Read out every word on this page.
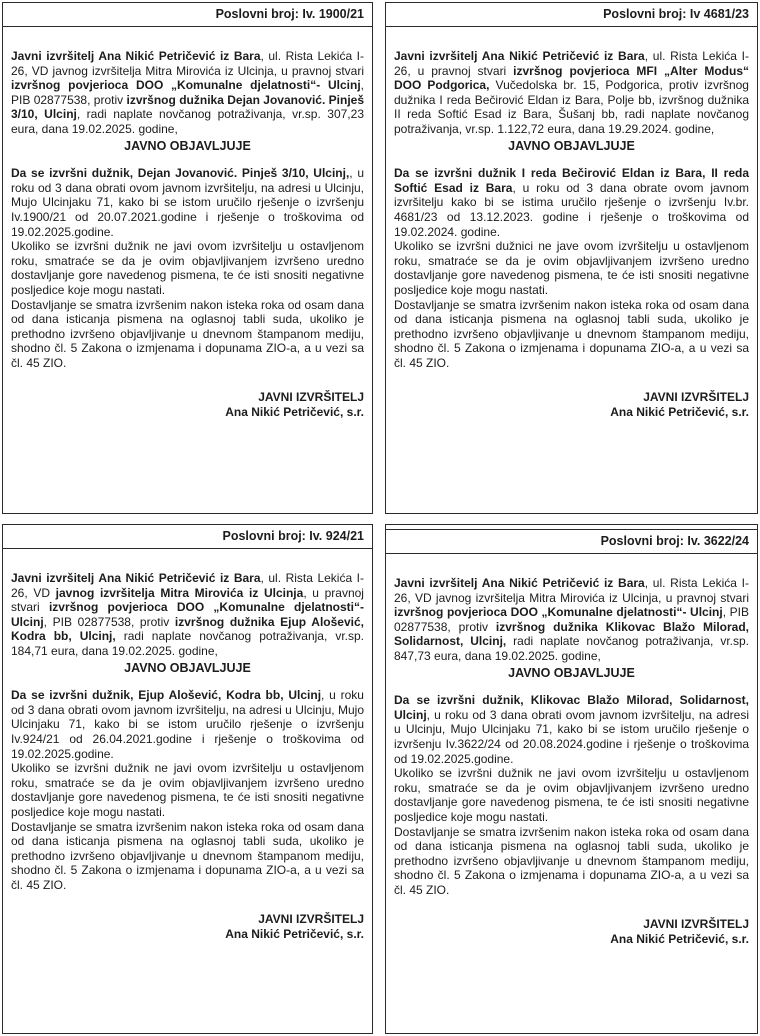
Poslovni broj: Iv. 1900/21

Javni izvršitelj Ana Nikić Petričević iz Bara, ul. Rista Lekića I-26, VD javnog izvršitelja Mitra Mirovića iz Ulcinja, u pravnoj stvari izvršnog povjerioca DOO „Komunalne djelatnosti“- Ulcinj, PIB 02877538, protiv izvršnog dužnika Dejan Jovanović. Pinješ 3/10, Ulcinj, radi naplate novčanog potraživanja, vr.sp. 307,23 eura, dana 19.02.2025. godine,

JAVNO OBJAVLJUJE

Da se izvršni dužnik, Dejan Jovanović. Pinješ 3/10, Ulcinj,, u roku od 3 dana obrati ovom javnom izvršitelju, na adresi u Ulcinju, Mujo Ulcinjaku 71, kako bi se istom uručilo rješenje o izvršenju Iv.1900/21 od 20.07.2021.godine i rješenje o troškovima od 19.02.2025.godine.

Ukoliko se izvršni dužnik ne javi ovom izvršitelju u ostavljenom roku, smatraće se da je ovim objavljivanjem izvršeno uredno dostavljanje gore navedenog pismena, te će isti snositi negativne posljedice koje mogu nastati.

Dostavljanje se smatra izvršenim nakon isteka roka od osam dana od dana isticanja pismena na oglasnoj tabli suda, ukoliko je prethodno izvršeno objavljivanje u dnevnom štampanom mediju, shodno čl. 5 Zakona o izmjenama i dopunama ZIO-a, a u vezi sa čl. 45 ZIO.

JAVNI IZVRŠITELJ
Ana Nikić Petričević, s.r.
Poslovni broj: Iv 4681/23

Javni izvršitelj Ana Nikić Petričević iz Bara, ul. Rista Lekića I-26, u pravnoj stvari izvršnog povjerioca MFI „Alter Modus“ DOO Podgorica, Vučedolska br. 15, Podgorica, protiv izvršnog dužnika I reda Bečirović Eldan iz Bara, Polje bb, izvršnog dužnika II reda Softić Esad iz Bara, Šušanj bb, radi naplate novčanog potraživanja, vr.sp. 1.122,72 eura, dana 19.29.2024. godine,

JAVNO OBJAVLJUJE

Da se izvršni dužnik I reda Bečirović Eldan iz Bara, II reda Softić Esad iz Bara, u roku od 3 dana obrate ovom javnom izvršitelju kako bi se istima uručilo rješenje o izvršenju Iv.br. 4681/23 od 13.12.2023. godine i rješenje o troškovima od 19.02.2024. godine.

Ukoliko se izvršni dužnici ne jave ovom izvršitelju u ostavljenom roku, smatraće se da je ovim objavljivanjem izvršeno uredno dostavljanje gore navedenog pismena, te će isti snositi negativne posljedice koje mogu nastati.

Dostavljanje se smatra izvršenim nakon isteka roka od osam dana od dana isticanja pismena na oglasnoj tabli suda, ukoliko je prethodno izvršeno objavljivanje u dnevnom štampanom mediju, shodno čl. 5 Zakona o izmjenama i dopunama ZIO-a, a u vezi sa čl. 45 ZIO.

JAVNI IZVRŠITELJ
Ana Nikić Petričević, s.r.
Poslovni broj: Iv. 924/21

Javni izvršitelj Ana Nikić Petričević iz Bara, ul. Rista Lekića I-26, VD javnog izvršitelja Mitra Mirovića iz Ulcinja, u pravnoj stvari izvršnog povjerioca DOO „Komunalne djelatnosti“- Ulcinj, PIB 02877538, protiv izvršnog dužnika Ejup Alošević, Kodra bb, Ulcinj, radi naplate novčanog potraživanja, vr.sp. 184,71 eura, dana 19.02.2025. godine,

JAVNO OBJAVLJUJE

Da se izvršni dužnik, Ejup Alošević, Kodra bb, Ulcinj, u roku od 3 dana obrati ovom javnom izvršitelju, na adresi u Ulcinju, Mujo Ulcinjaku 71, kako bi se istom uručilo rješenje o izvršenju Iv.924/21 od 26.04.2021.godine i rješenje o troškovima od 19.02.2025.godine.

Ukoliko se izvršni dužnik ne javi ovom izvršitelju u ostavljenom roku, smatraće se da je ovim objavljivanjem izvršeno uredno dostavljanje gore navedenog pismena, te će isti snositi negativne posljedice koje mogu nastati.

Dostavljanje se smatra izvršenim nakon isteka roka od osam dana od dana isticanja pismena na oglasnoj tabli suda, ukoliko je prethodno izvršeno objavljivanje u dnevnom štampanom mediju, shodno čl. 5 Zakona o izmjenama i dopunama ZIO-a, a u vezi sa čl. 45 ZIO.

JAVNI IZVRŠITELJ
Ana Nikić Petričević, s.r.
Poslovni broj: Iv. 3622/24

Javni izvršitelj Ana Nikić Petričević iz Bara, ul. Rista Lekića I-26, VD javnog izvršitelja Mitra Mirovića iz Ulcinja, u pravnoj stvari izvršnog povjerioca DOO „Komunalne djelatnosti“- Ulcinj, PIB 02877538, protiv izvršnog dužnika Klikovac Blažo Milorad, Solidarnost, Ulcinj, radi naplate novčanog potraživanja, vr.sp. 847,73 eura, dana 19.02.2025. godine,

JAVNO OBJAVLJUJE

Da se izvršni dužnik, Klikovac Blažo Milorad, Solidarnost, Ulcinj, u roku od 3 dana obrati ovom javnom izvršitelju, na adresi u Ulcinju, Mujo Ulcinjaku 71, kako bi se istom uručilo rješenje o izvršenju Iv.3622/24 od 20.08.2024.godine i rješenje o troškovima od 19.02.2025.godine.

Ukoliko se izvršni dužnik ne javi ovom izvršitelju u ostavljenom roku, smatraće se da je ovim objavljivanjem izvršeno uredno dostavljanje gore navedenog pismena, te će isti snositi negativne posljedice koje mogu nastati.

Dostavljanje se smatra izvršenim nakon isteka roka od osam dana od dana isticanja pismena na oglasnoj tabli suda, ukoliko je prethodno izvršeno objavljivanje u dnevnom štampanom mediju, shodno čl. 5 Zakona o izmjenama i dopunama ZIO-a, a u vezi sa čl. 45 ZIO.

JAVNI IZVRŠITELJ
Ana Nikić Petričević, s.r.
